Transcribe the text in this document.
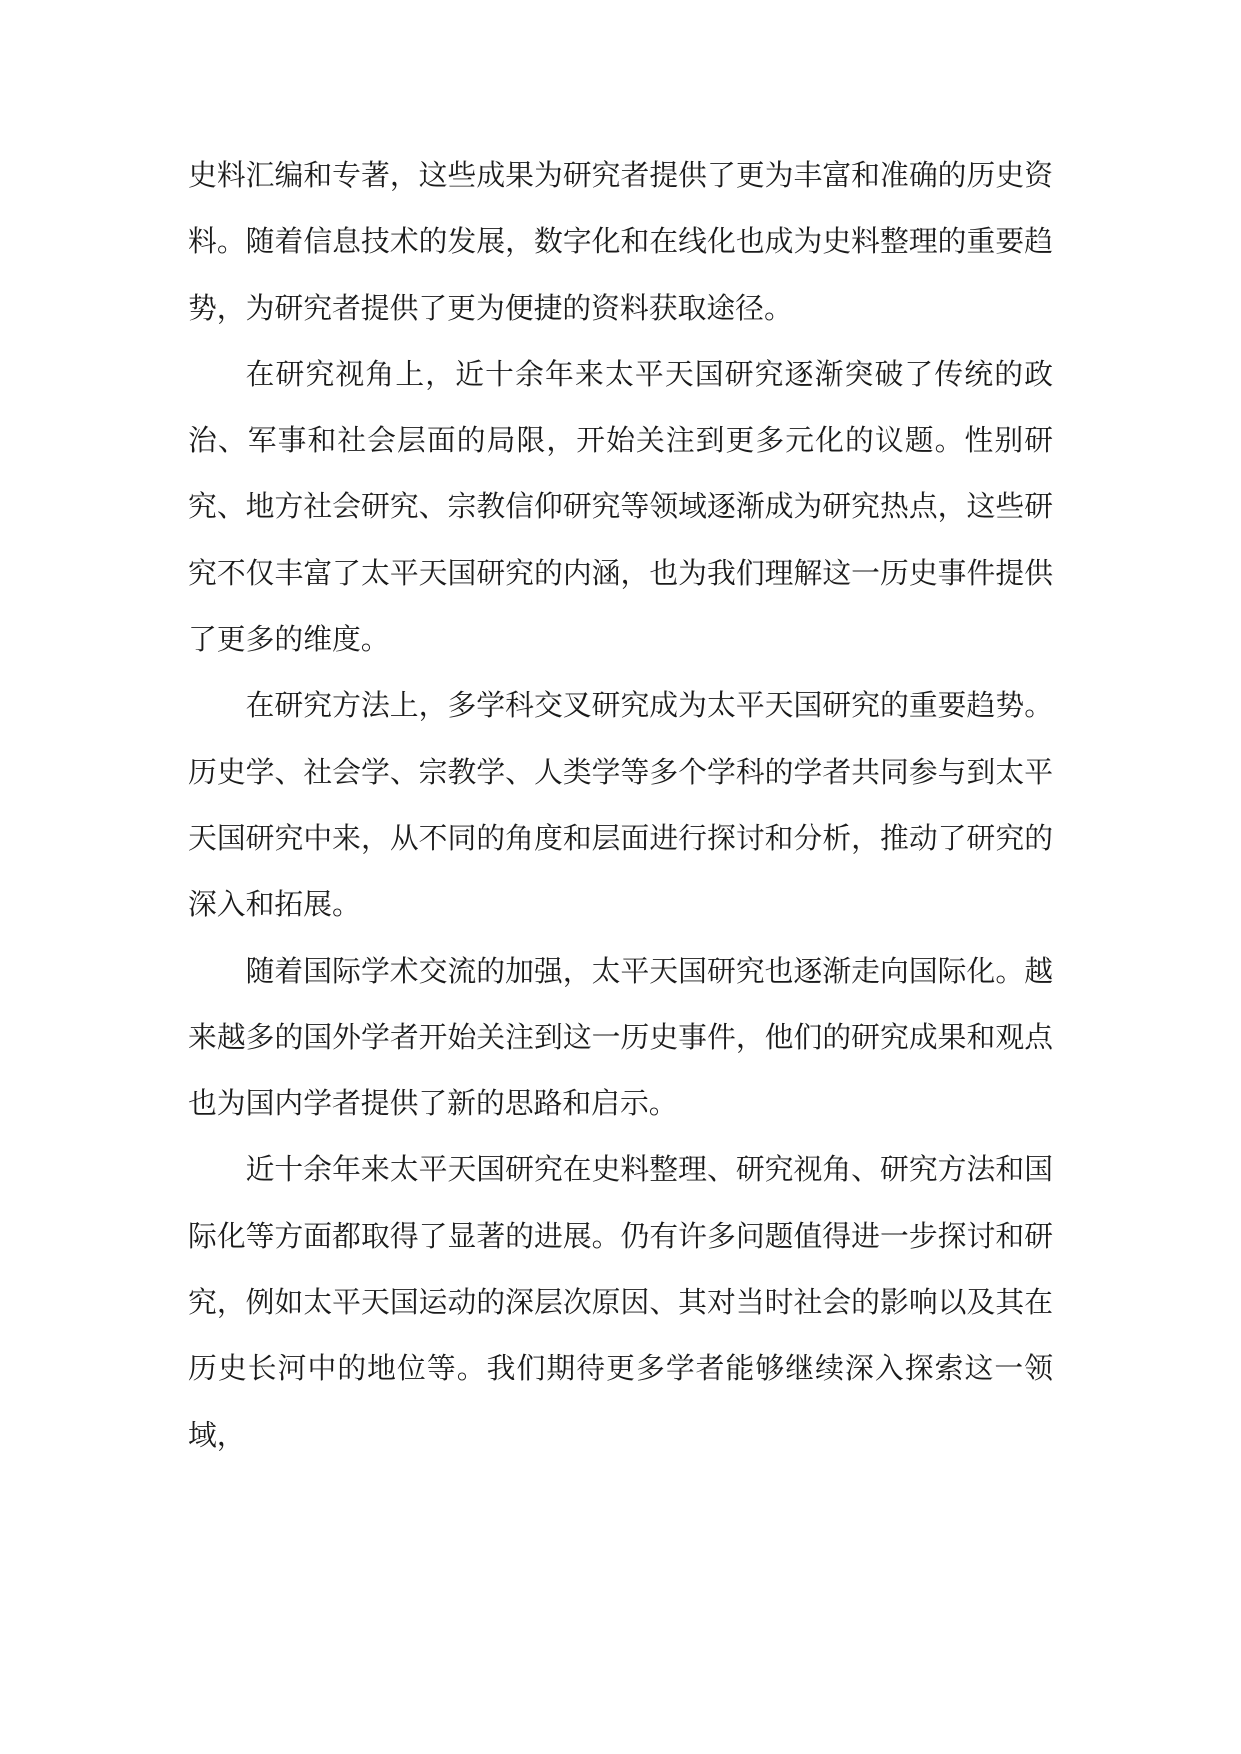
史料汇编和专著，这些成果为研究者提供了更为丰富和准确的历史资料。随着信息技术的发展，数字化和在线化也成为史料整理的重要趋势，为研究者提供了更为便捷的资料获取途径。

在研究视角上，近十余年来太平天国研究逐渐突破了传统的政治、军事和社会层面的局限，开始关注到更多元化的议题。性别研究、地方社会研究、宗教信仰研究等领域逐渐成为研究热点，这些研究不仅丰富了太平天国研究的内涵，也为我们理解这一历史事件提供了更多的维度。

在研究方法上，多学科交叉研究成为太平天国研究的重要趋势。历史学、社会学、宗教学、人类学等多个学科的学者共同参与到太平天国研究中来，从不同的角度和层面进行探讨和分析，推动了研究的深入和拓展。

随着国际学术交流的加强，太平天国研究也逐渐走向国际化。越来越多的国外学者开始关注到这一历史事件，他们的研究成果和观点也为国内学者提供了新的思路和启示。

近十余年来太平天国研究在史料整理、研究视角、研究方法和国际化等方面都取得了显著的进展。仍有许多问题值得进一步探讨和研究，例如太平天国运动的深层次原因、其对当时社会的影响以及其在历史长河中的地位等。我们期待更多学者能够继续深入探索这一领域，
